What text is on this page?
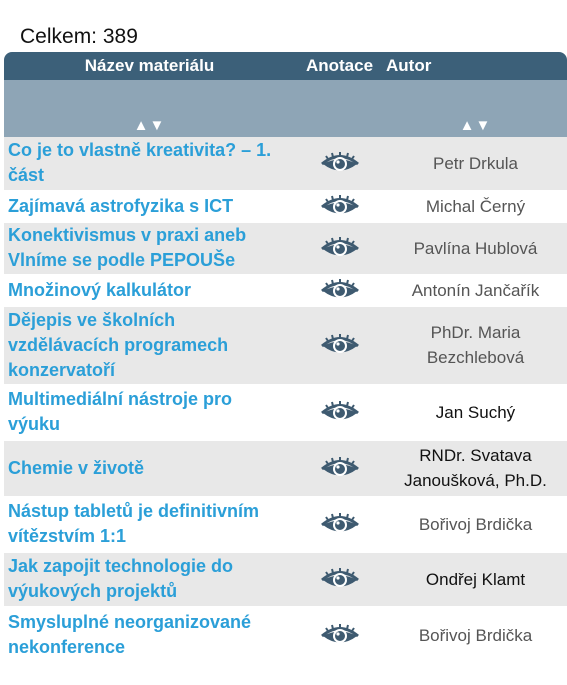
Celkem: 389
Název materiálu	Anotace	Autor
▲▼		▲▼

Co je to vlastně kreativita? – 1. část		Petr Drkula

Zajímavá astrofyzika s ICT		Michal Černý

Konektivismus v praxi aneb Vlníme se podle PEPOUŠe		Pavlína Hublová

Množinový kalkulátor		Antonín Jančařík

Dějepis ve školních vzdělávacích programech konzervatoří		PhDr. Maria Bezchlebová

Multimediální nástroje pro výuku		Jan Suchý

Chemie v životě		RNDr. Svatava Janoušková, Ph.D.

Nástup tabletů je definitivním vítězstvím 1:1		Bořivoj Brdička

Jak zapojit technologie do výukových projektů		Ondřej Klamt

Smysluplné neorganizované nekonference		Bořivoj Brdička
